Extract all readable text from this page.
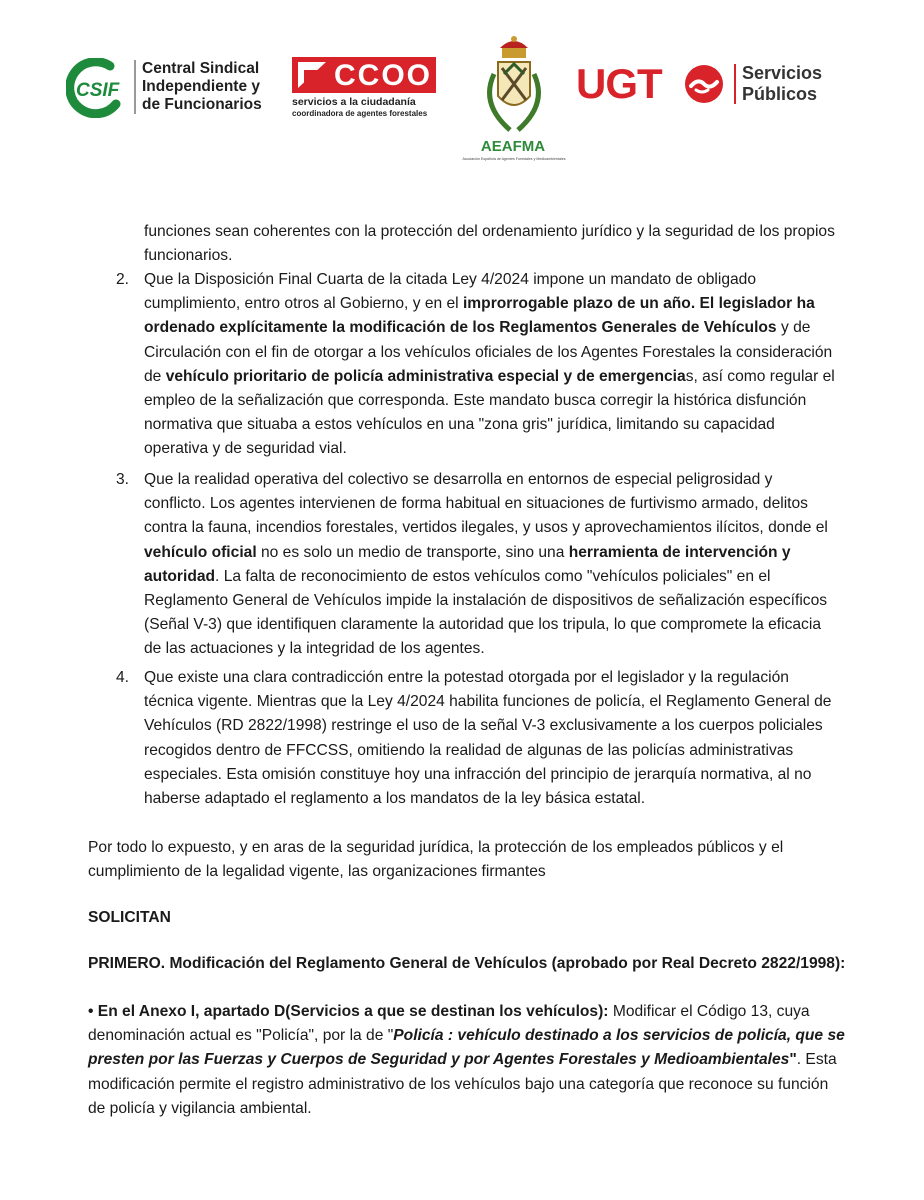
CSIF
Central Sindical
Independiente y
de Funcionarios
CCOO
servicios a la ciudadanía
coordinadora de agentes forestales
AEAFMA
Asociación Española de Agentes Forestales y Medioambientales
UGT	Servicios
Públicos
funciones sean coherentes con la protección del ordenamiento jurídico y la seguridad de los propios
funcionarios.
2. Que la Disposición Final Cuarta de la citada Ley 4/2024 impone un mandato de obligado
cumplimiento, entro otros al Gobierno, y en el improrrogable plazo de un año. El legislador ha
ordenado explícitamente la modificación de los Reglamentos Generales de Vehículos y de
Circulación con el fin de otorgar a los vehículos oficiales de los Agentes Forestales la consideración
de vehículo prioritario de policía administrativa especial y de emergencias, así como regular el
empleo de la señalización que corresponda. Este mandato busca corregir la histórica disfunción
normativa que situaba a estos vehículos en una "zona gris" jurídica, limitando su capacidad
operativa y de seguridad vial.
3. Que la realidad operativa del colectivo se desarrolla en entornos de especial peligrosidad y
conflicto. Los agentes intervienen de forma habitual en situaciones de furtivismo armado, delitos
contra la fauna, incendios forestales, vertidos ilegales, y usos y aprovechamientos ilícitos, donde el
vehículo oficial no es solo un medio de transporte, sino una herramienta de intervención y
autoridad. La falta de reconocimiento de estos vehículos como "vehículos policiales" en el
Reglamento General de Vehículos impide la instalación de dispositivos de señalización específicos
(Señal V-3) que identifiquen claramente la autoridad que los tripula, lo que compromete la eficacia
de las actuaciones y la integridad de los agentes.
4. Que existe una clara contradicción entre la potestad otorgada por el legislador y la regulación
técnica vigente. Mientras que la Ley 4/2024 habilita funciones de policía, el Reglamento General de
Vehículos (RD 2822/1998) restringe el uso de la señal V-3 exclusivamente a los cuerpos policiales
recogidos dentro de FFCCSS, omitiendo la realidad de algunas de las policías administrativas
especiales. Esta omisión constituye hoy una infracción del principio de jerarquía normativa, al no
haberse adaptado el reglamento a los mandatos de la ley básica estatal.
Por todo lo expuesto, y en aras de la seguridad jurídica, la protección de los empleados públicos y el
cumplimiento de la legalidad vigente, las organizaciones firmantes
SOLICITAN
PRIMERO. Modificación del Reglamento General de Vehículos (aprobado por Real Decreto 2822/1998):
• En el Anexo I, apartado D(Servicios a que se destinan los vehículos): Modificar el Código 13, cuya
denominación actual es "Policía", por la de "Policía : vehículo destinado a los servicios de policía, que se
presten por las Fuerzas y Cuerpos de Seguridad y por Agentes Forestales y Medioambientales". Esta
modificación permite el registro administrativo de los vehículos bajo una categoría que reconoce su función
de policía y vigilancia ambiental.
